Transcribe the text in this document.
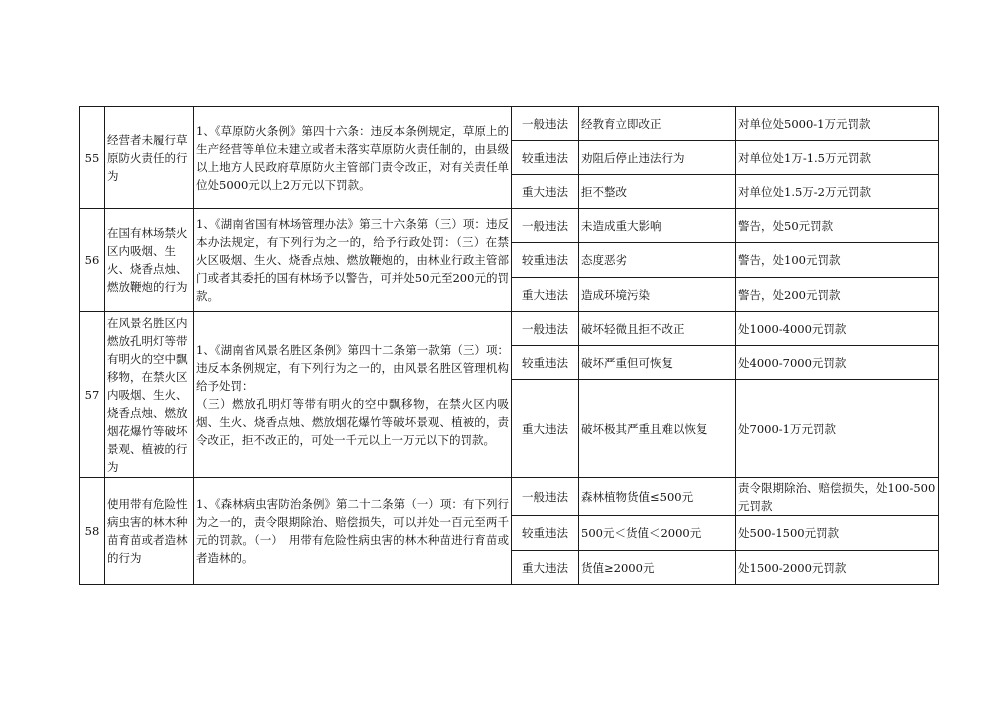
55	经营者未履行草原防火责任的行为	1、《草原防火条例》第四十六条：违反本条例规定，草原上的生产经营等单位未建立或者未落实草原防火责任制的，由县级以上地方人民政府草原防火主管部门责令改正，对有关责任单位处5000元以上2万元以下罚款。	一般违法	经教育立即改正	对单位处5000-1万元罚款
			较重违法	劝阻后停止违法行为	对单位处1万-1.5万元罚款
			重大违法	拒不整改	对单位处1.5万-2万元罚款
56	在国有林场禁火区内吸烟、生火、烧香点烛、燃放鞭炮的行为	1、《湖南省国有林场管理办法》第三十六条第（三）项：违反本办法规定，有下列行为之一的，给予行政处罚：（三）在禁火区吸烟、生火、烧香点烛、燃放鞭炮的，由林业行政主管部门或者其委托的国有林场予以警告，可并处50元至200元的罚款。	一般违法	未造成重大影响	警告，处50元罚款
			较重违法	态度恶劣	警告，处100元罚款
			重大违法	造成环境污染	警告，处200元罚款
57	在风景名胜区内燃放孔明灯等带有明火的空中飘移物，在禁火区内吸烟、生火、烧香点烛、燃放烟花爆竹等破坏景观、植被的行为	1、《湖南省风景名胜区条例》第四十二条第一款第（三）项：违反本条例规定，有下列行为之一的，由风景名胜区管理机构给予处罚：
（三）燃放孔明灯等带有明火的空中飘移物，在禁火区内吸烟、生火、烧香点烛、燃放烟花爆竹等破坏景观、植被的，责令改正，拒不改正的，可处一千元以上一万元以下的罚款。	一般违法	破坏轻微且拒不改正	处1000-4000元罚款
			较重违法	破坏严重但可恢复	处4000-7000元罚款
			重大违法	破坏极其严重且难以恢复	处7000-1万元罚款
58	使用带有危险性病虫害的林木种苗育苗或者造林的行为	1、《森林病虫害防治条例》第二十二条第（一）项：有下列行为之一的，责令限期除治、赔偿损失，可以并处一百元至两千元的罚款。（一）　用带有危险性病虫害的林木种苗进行育苗或者造林的。	一般违法	森林植物货值≤500元	责令限期除治、赔偿损失，处100-500元罚款
			较重违法	500元＜货值＜2000元	处500-1500元罚款
			重大违法	货值≥2000元	处1500-2000元罚款
